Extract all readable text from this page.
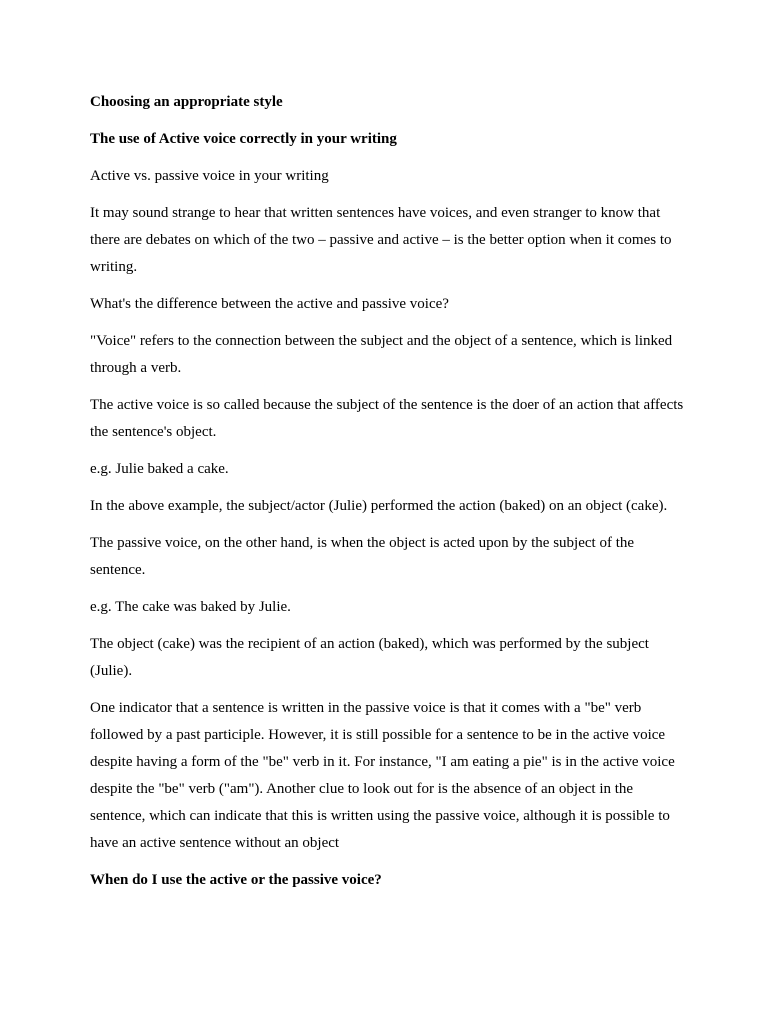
Choosing an appropriate style

The use of Active voice correctly in your writing

Active vs. passive voice in your writing

It may sound strange to hear that written sentences have voices, and even stranger to know that there are debates on which of the two – passive and active – is the better option when it comes to writing.

What's the difference between the active and passive voice?

"Voice" refers to the connection between the subject and the object of a sentence, which is linked through a verb.

The active voice is so called because the subject of the sentence is the doer of an action that affects the sentence's object.

e.g. Julie baked a cake.

In the above example, the subject/actor (Julie) performed the action (baked) on an object (cake).

The passive voice, on the other hand, is when the object is acted upon by the subject of the sentence.

e.g. The cake was baked by Julie.

The object (cake) was the recipient of an action (baked), which was performed by the subject (Julie).

One indicator that a sentence is written in the passive voice is that it comes with a "be" verb followed by a past participle. However, it is still possible for a sentence to be in the active voice despite having a form of the "be" verb in it. For instance, "I am eating a pie" is in the active voice despite the "be" verb ("am"). Another clue to look out for is the absence of an object in the sentence, which can indicate that this is written using the passive voice, although it is possible to have an active sentence without an object

When do I use the active or the passive voice?
